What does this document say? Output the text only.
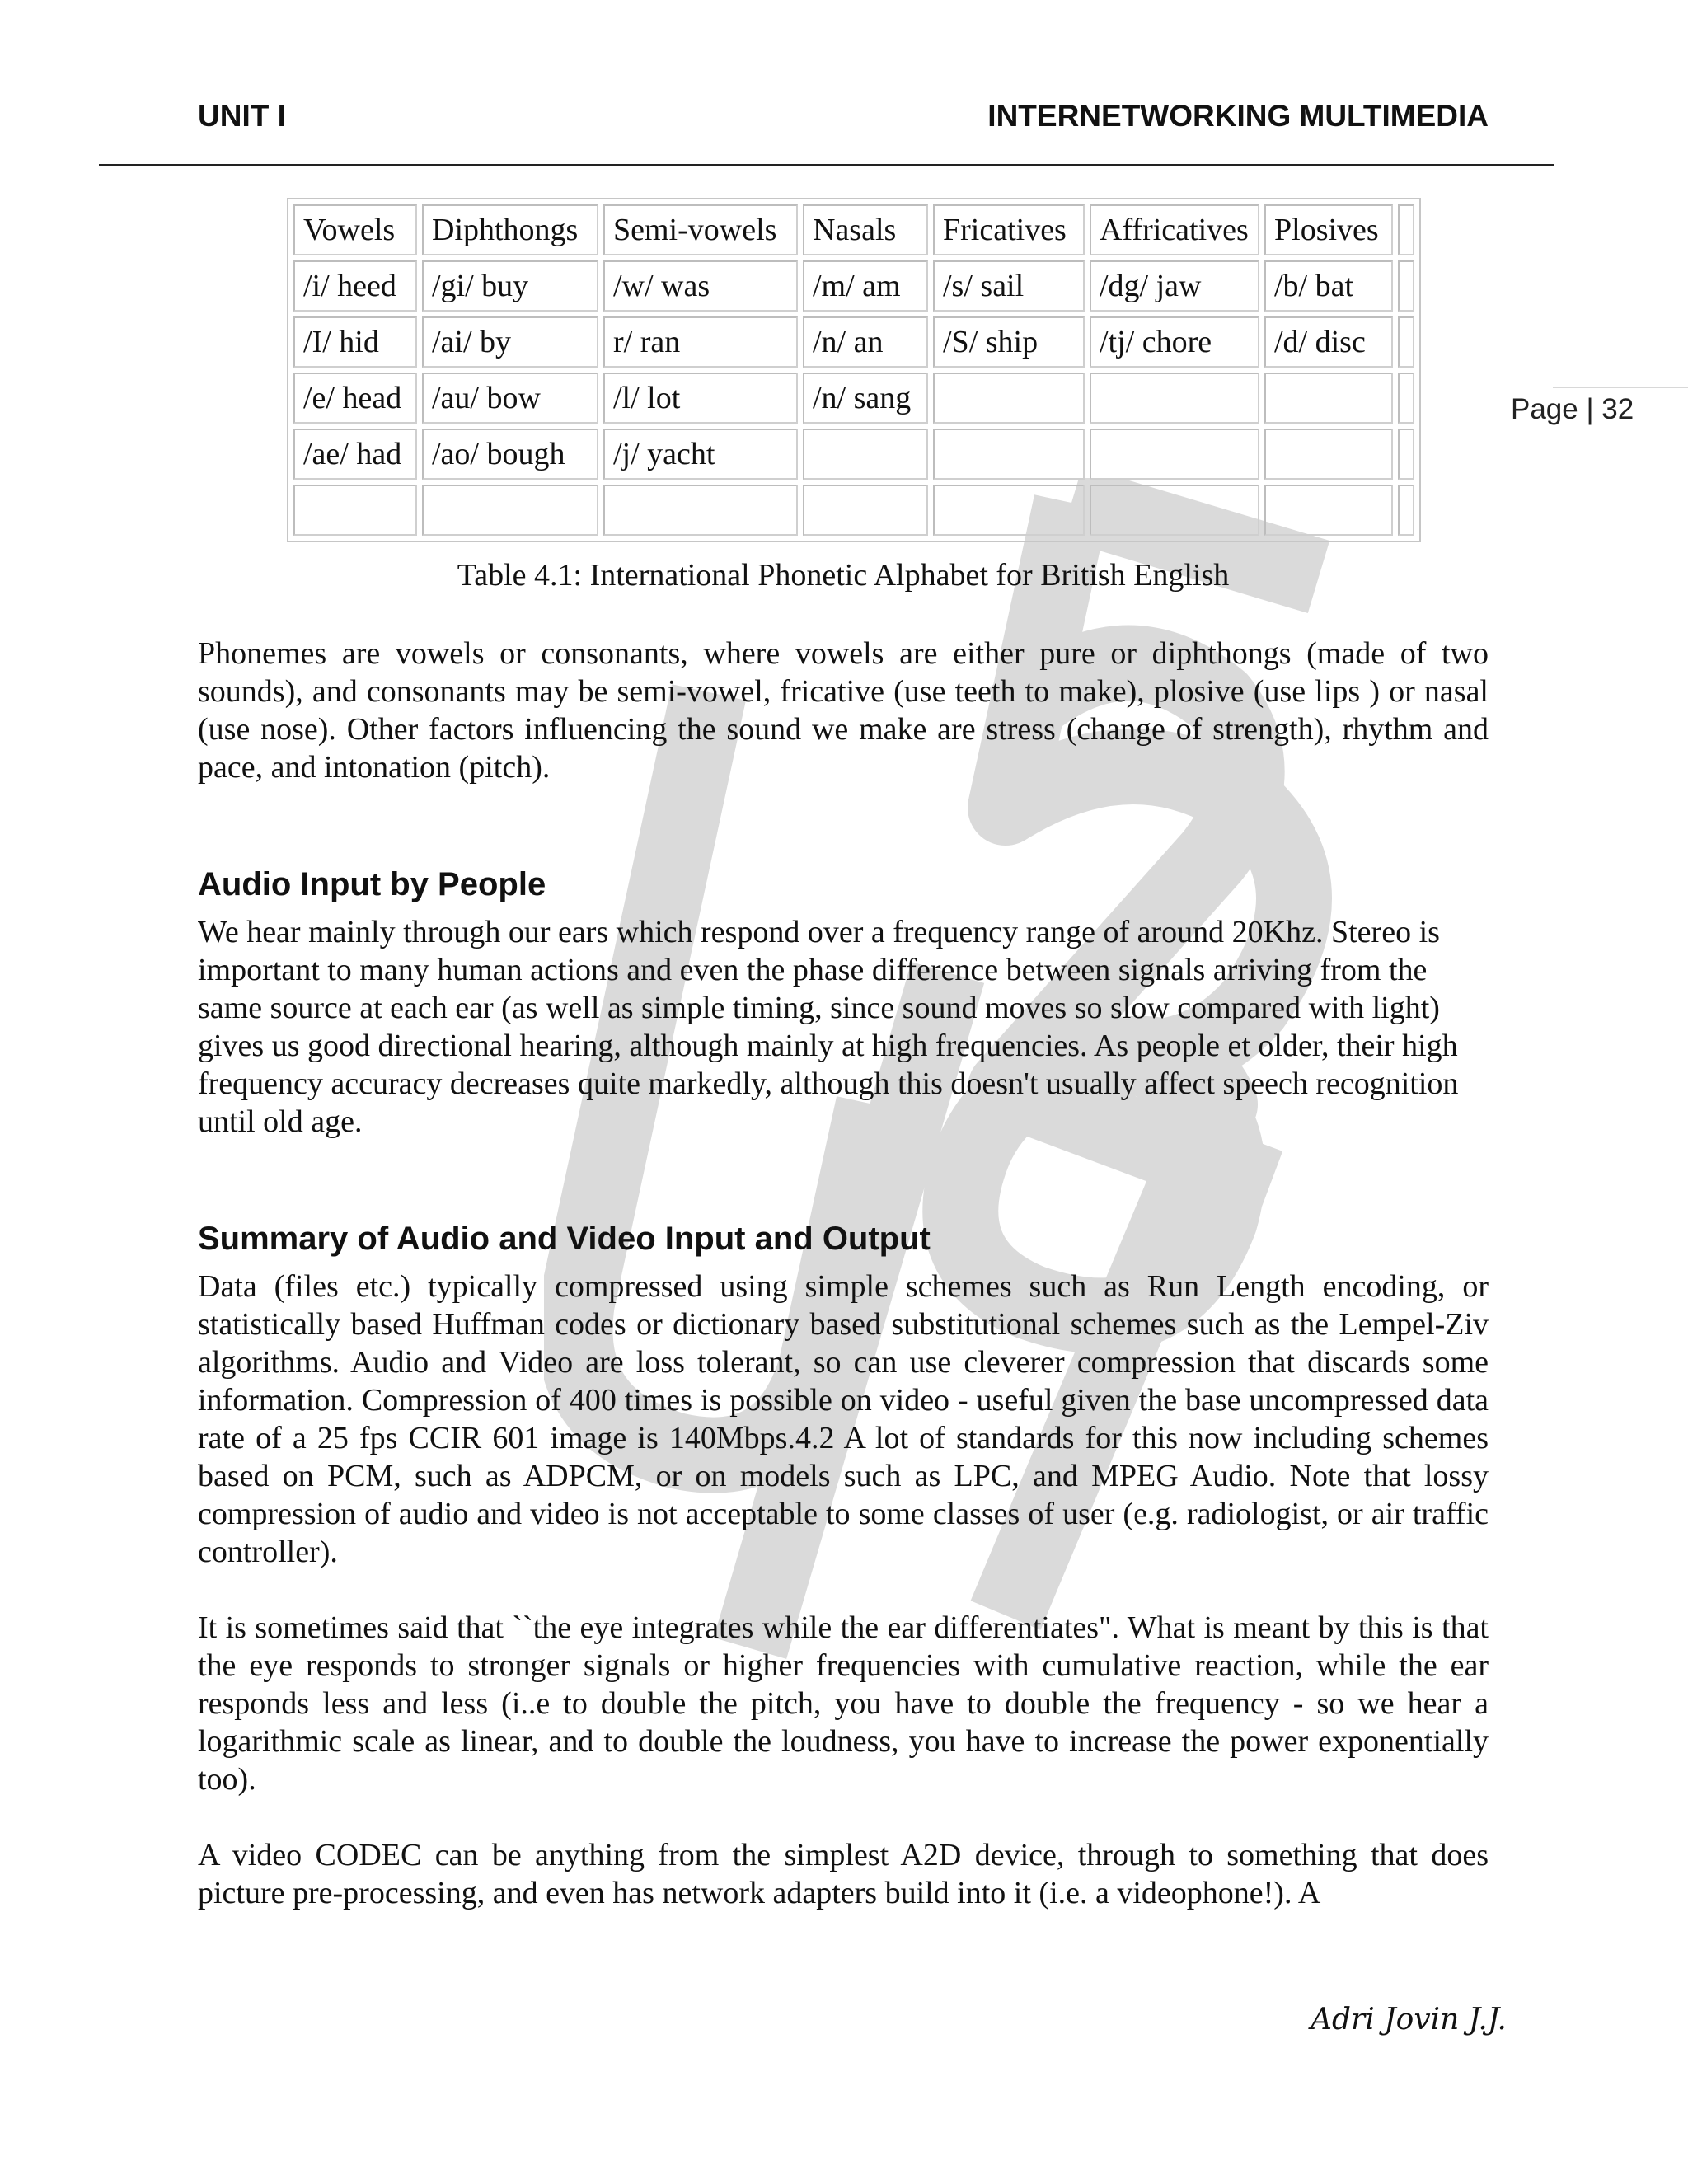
UNIT I	INTERNETWORKING MULTIMEDIA
Page | 32
Vowels	Diphthongs	Semi-vowels	Nasals	Fricatives	Affricatives	Plosives	
/i/ heed	/gi/ buy	/w/ was	/m/ am	/s/ sail	/dg/ jaw	/b/ bat	
/I/ hid	/ai/ by	r/ ran	/n/ an	/S/ ship	/tj/ chore	/d/ disc	
/e/ head	/au/ bow	/l/ lot	/n/ sang				
/ae/ had	/ao/ bough	/j/ yacht					

Table 4.1: International Phonetic Alphabet for British English

Phonemes are vowels or consonants, where vowels are either pure or diphthongs (made of two sounds), and consonants may be semi-vowel, fricative (use teeth to make), plosive (use lips ) or nasal (use nose). Other factors influencing the sound we make are stress (change of strength), rhythm and pace, and intonation (pitch).

Audio Input by People

We hear mainly through our ears which respond over a frequency range of around 20Khz. Stereo is important to many human actions and even the phase difference between signals arriving from the same source at each ear (as well as simple timing, since sound moves so slow compared with light) gives us good directional hearing, although mainly at high frequencies. As people et older, their high frequency accuracy decreases quite markedly, although this doesn't usually affect speech recognition until old age.

Summary of Audio and Video Input and Output

Data (files etc.) typically compressed using simple schemes such as Run Length encoding, or statistically based Huffman codes or dictionary based substitutional schemes such as the Lempel-Ziv algorithms. Audio and Video are loss tolerant, so can use cleverer compression that discards some information. Compression of 400 times is possible on video - useful given the base uncompressed data rate of a 25 fps CCIR 601 image is 140Mbps.4.2 A lot of standards for this now including schemes based on PCM, such as ADPCM, or on models such as LPC, and MPEG Audio. Note that lossy compression of audio and video is not acceptable to some classes of user (e.g. radiologist, or air traffic controller).

It is sometimes said that ``the eye integrates while the ear differentiates". What is meant by this is that the eye responds to stronger signals or higher frequencies with cumulative reaction, while the ear responds less and less (i..e to double the pitch, you have to double the frequency - so we hear a logarithmic scale as linear, and to double the loudness, you have to increase the power exponentially too).

A video CODEC can be anything from the simplest A2D device, through to something that does picture pre-processing, and even has network adapters build into it (i.e. a videophone!). A

Adri Jovin J.J.
